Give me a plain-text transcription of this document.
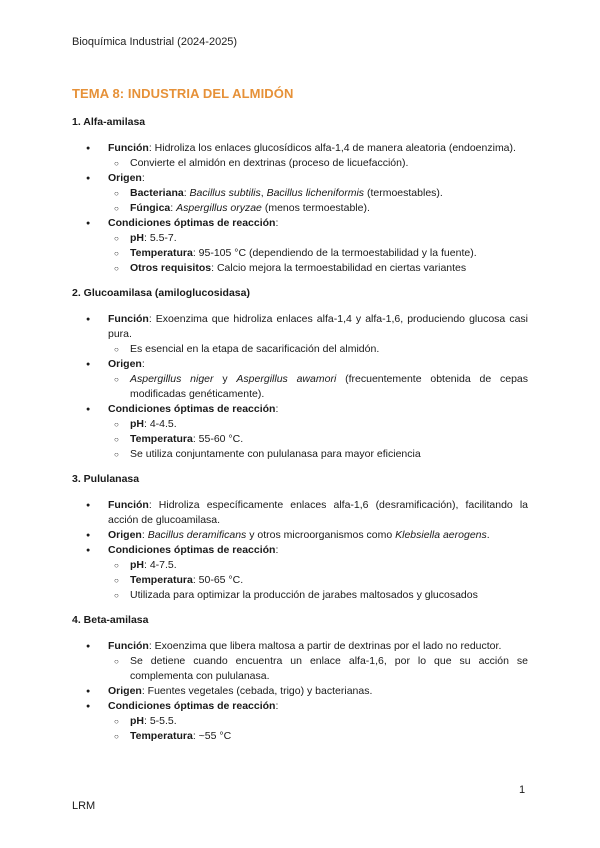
Bioquímica Industrial (2024-2025)
TEMA 8: INDUSTRIA DEL ALMIDÓN

1. Alfa-amilasa

● Función: Hidroliza los enlaces glucosídicos alfa-1,4 de manera aleatoria (endoenzima).
○ Convierte el almidón en dextrinas (proceso de licuefacción).
● Origen:
○ Bacteriana: Bacillus subtilis, Bacillus licheniformis (termoestables).
○ Fúngica: Aspergillus oryzae (menos termoestable).
● Condiciones óptimas de reacción:
○ pH: 5.5-7.
○ Temperatura: 95-105 °C (dependiendo de la termoestabilidad y la fuente).
○ Otros requisitos: Calcio mejora la termoestabilidad en ciertas variantes

2. Glucoamilasa (amiloglucosidasa)

● Función: Exoenzima que hidroliza enlaces alfa-1,4 y alfa-1,6, produciendo glucosa casi pura.
○ Es esencial en la etapa de sacarificación del almidón.
● Origen:
○ Aspergillus niger y Aspergillus awamori (frecuentemente obtenida de cepas modificadas genéticamente).
● Condiciones óptimas de reacción:
○ pH: 4-4.5.
○ Temperatura: 55-60 °C.
○ Se utiliza conjuntamente con pululanasa para mayor eficiencia

3. Pululanasa

● Función: Hidroliza específicamente enlaces alfa-1,6 (desramificación), facilitando la acción de glucoamilasa.
● Origen: Bacillus deramificans y otros microorganismos como Klebsiella aerogens.
● Condiciones óptimas de reacción:
○ pH: 4-7.5.
○ Temperatura: 50-65 °C.
○ Utilizada para optimizar la producción de jarabes maltosados y glucosados

4. Beta-amilasa

● Función: Exoenzima que libera maltosa a partir de dextrinas por el lado no reductor.
○ Se detiene cuando encuentra un enlace alfa-1,6, por lo que su acción se complementa con pululanasa.
● Origen: Fuentes vegetales (cebada, trigo) y bacterianas.
● Condiciones óptimas de reacción:
○ pH: 5-5.5.
○ Temperatura: ~55 °C
1
LRM
